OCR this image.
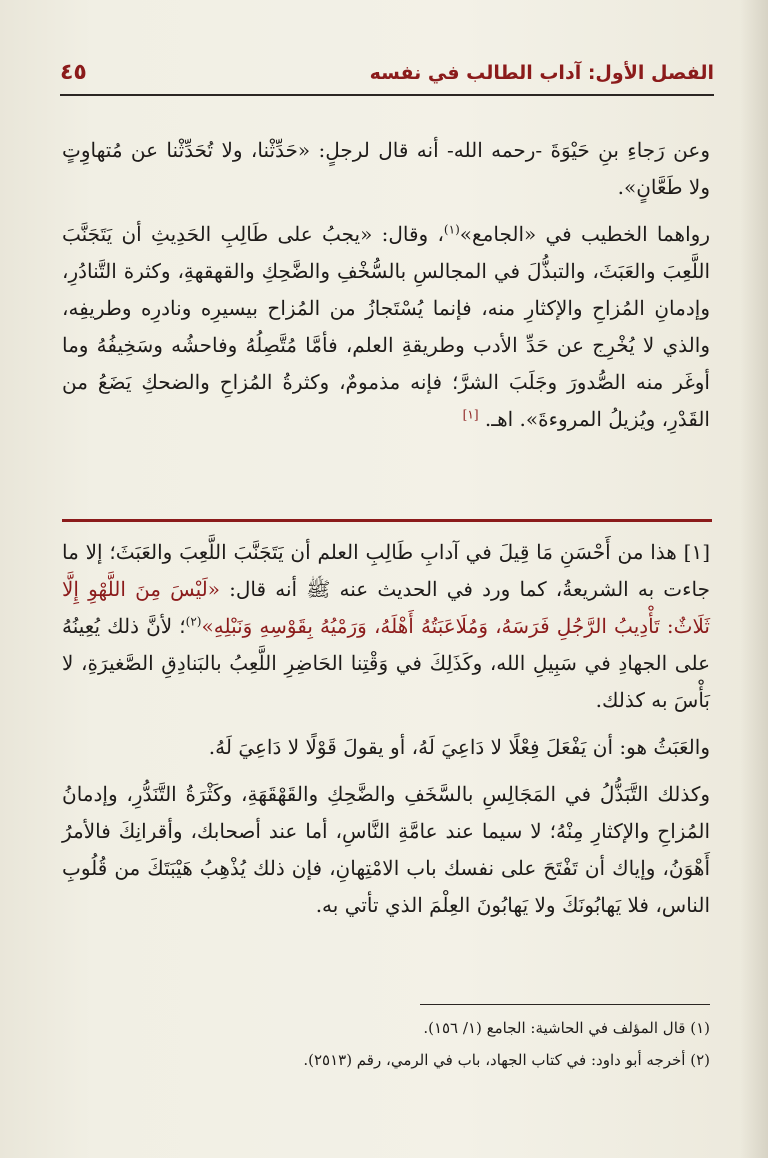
الفصل الأول: آداب الطالب في نفسه
٤٥

وعن رَجاءِ بنِ حَيْوَةَ -رحمه الله- أنه قال لرجلٍ: «حَدِّثْنا، ولا تُحَدِّثْنا عن مُتهاوِتٍ ولا طَعَّانٍ».

رواهما الخطيب في «الجامع»$^{(١)}$، وقال: «يجبُ على طَالِبِ الحَدِيثِ أن يَتَجَنَّبَ اللَّعِبَ والعَبَثَ، والتبذُّلَ في المجالسِ بالسُّخْفِ والضَّحِكِ والقهقهةِ، وكثرة التَّنادُرِ، وإدمانِ المُزاحِ والإكثارِ منه، فإنما يُسْتَجازُ من المُزاح بيسيرِه ونادرِه وطريفِه، والذي لا يُخْرِج عن حَدِّ الأدب وطريقةِ العلم، فأمَّا مُتَّصِلُهُ وفاحشُه وسَخِيفُهُ وما أوغَر منه الصُّدورَ وجَلَبَ الشرَّ؛ فإنه مذمومٌ، وكثرةُ المُزاحِ والضحكِ يَضَعُ من القَدْرِ، ويُزيلُ المروءةَ». اهـ. [١]

[١] هذا من أَحْسَنِ مَا قِيلَ في آدابِ طَالِبِ العلم أن يَتَجَنَّبَ اللَّعِبَ والعَبَثَ؛ إلا ما جاءت به الشريعةُ، كما ورد في الحديث عنه ﷺ أنه قال: «لَيْسَ مِنَ اللَّهْوِ إِلَّا ثَلَاثٌ: تَأْدِيبُ الرَّجُلِ فَرَسَهُ، وَمُلَاعَبَتُهُ أَهْلَهُ، وَرَمْيُهُ بِقَوْسِهِ وَنَبْلِهِ»$^{(٢)}$؛ لأنَّ ذلك يُعِينُهُ على الجهادِ في سَبِيلِ الله، وكَذَلِكَ في وَقْتِنا الحَاضِرِ اللَّعِبُ بالبَنادِقِ الصَّغيرَةِ، لا بَأْسَ به كذلك.

والعَبَثُ هو: أن يَفْعَلَ فِعْلًا لا دَاعِيَ لَهُ، أو يقولَ قَوْلًا لا دَاعِيَ لَهُ.

وكذلك التَّبَذُّلُ في المَجَالِسِ بالسَّخَفِ والضَّحِكِ والقَهْقَهَةِ، وكَثْرَةُ التَّنَدُّرِ، وإدمانُ المُزاحِ والإكثارِ مِنْهُ؛ لا سيما عند عامَّةِ النَّاسِ، أما عند أصحابك، وأقرانِكَ فالأمرُ أَهْوَنُ، وإياك أن تَفْتَحَ على نفسك باب الامْتِهانِ، فإن ذلك يُذْهِبُ هَيْبَتَكَ من قُلُوبِ الناس، فلا يَهابُونَكَ ولا يَهابُونَ العِلْمَ الذي تأتي به.

(١) قال المؤلف في الحاشية: الجامع (١/ ١٥٦).
(٢) أخرجه أبو داود: في كتاب الجهاد، باب في الرمي، رقم (٢٥١٣).
